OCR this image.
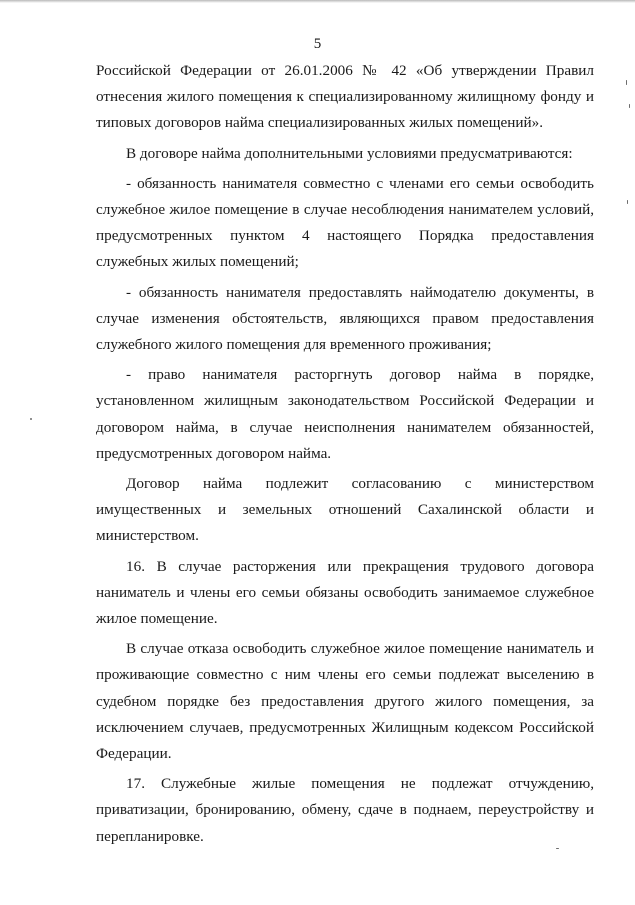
5

Российской Федерации от 26.01.2006 № 42 «Об утверждении Правил отнесения жилого помещения к специализированному жилищному фонду и типовых договоров найма специализированных жилых помещений».

В договоре найма дополнительными условиями предусматриваются:

- обязанность нанимателя совместно с членами его семьи освободить служебное жилое помещение в случае несоблюдения нанимателем условий, предусмотренных пунктом 4 настоящего Порядка предоставления служебных жилых помещений;

- обязанность нанимателя предоставлять наймодателю документы, в случае изменения обстоятельств, являющихся правом предоставления служебного жилого помещения для временного проживания;

- право нанимателя расторгнуть договор найма в порядке, установленном жилищным законодательством Российской Федерации и договором найма, в случае неисполнения нанимателем обязанностей, предусмотренных договором найма.

Договор найма подлежит согласованию с министерством имущественных и земельных отношений Сахалинской области и министерством.

16. В случае расторжения или прекращения трудового договора наниматель и члены его семьи обязаны освободить занимаемое служебное жилое помещение.

В случае отказа освободить служебное жилое помещение наниматель и проживающие совместно с ним члены его семьи подлежат выселению в судебном порядке без предоставления другого жилого помещения, за исключением случаев, предусмотренных Жилищным кодексом Российской Федерации.

17. Служебные жилые помещения не подлежат отчуждению, приватизации, бронированию, обмену, сдаче в поднаем, переустройству и перепланировке.
